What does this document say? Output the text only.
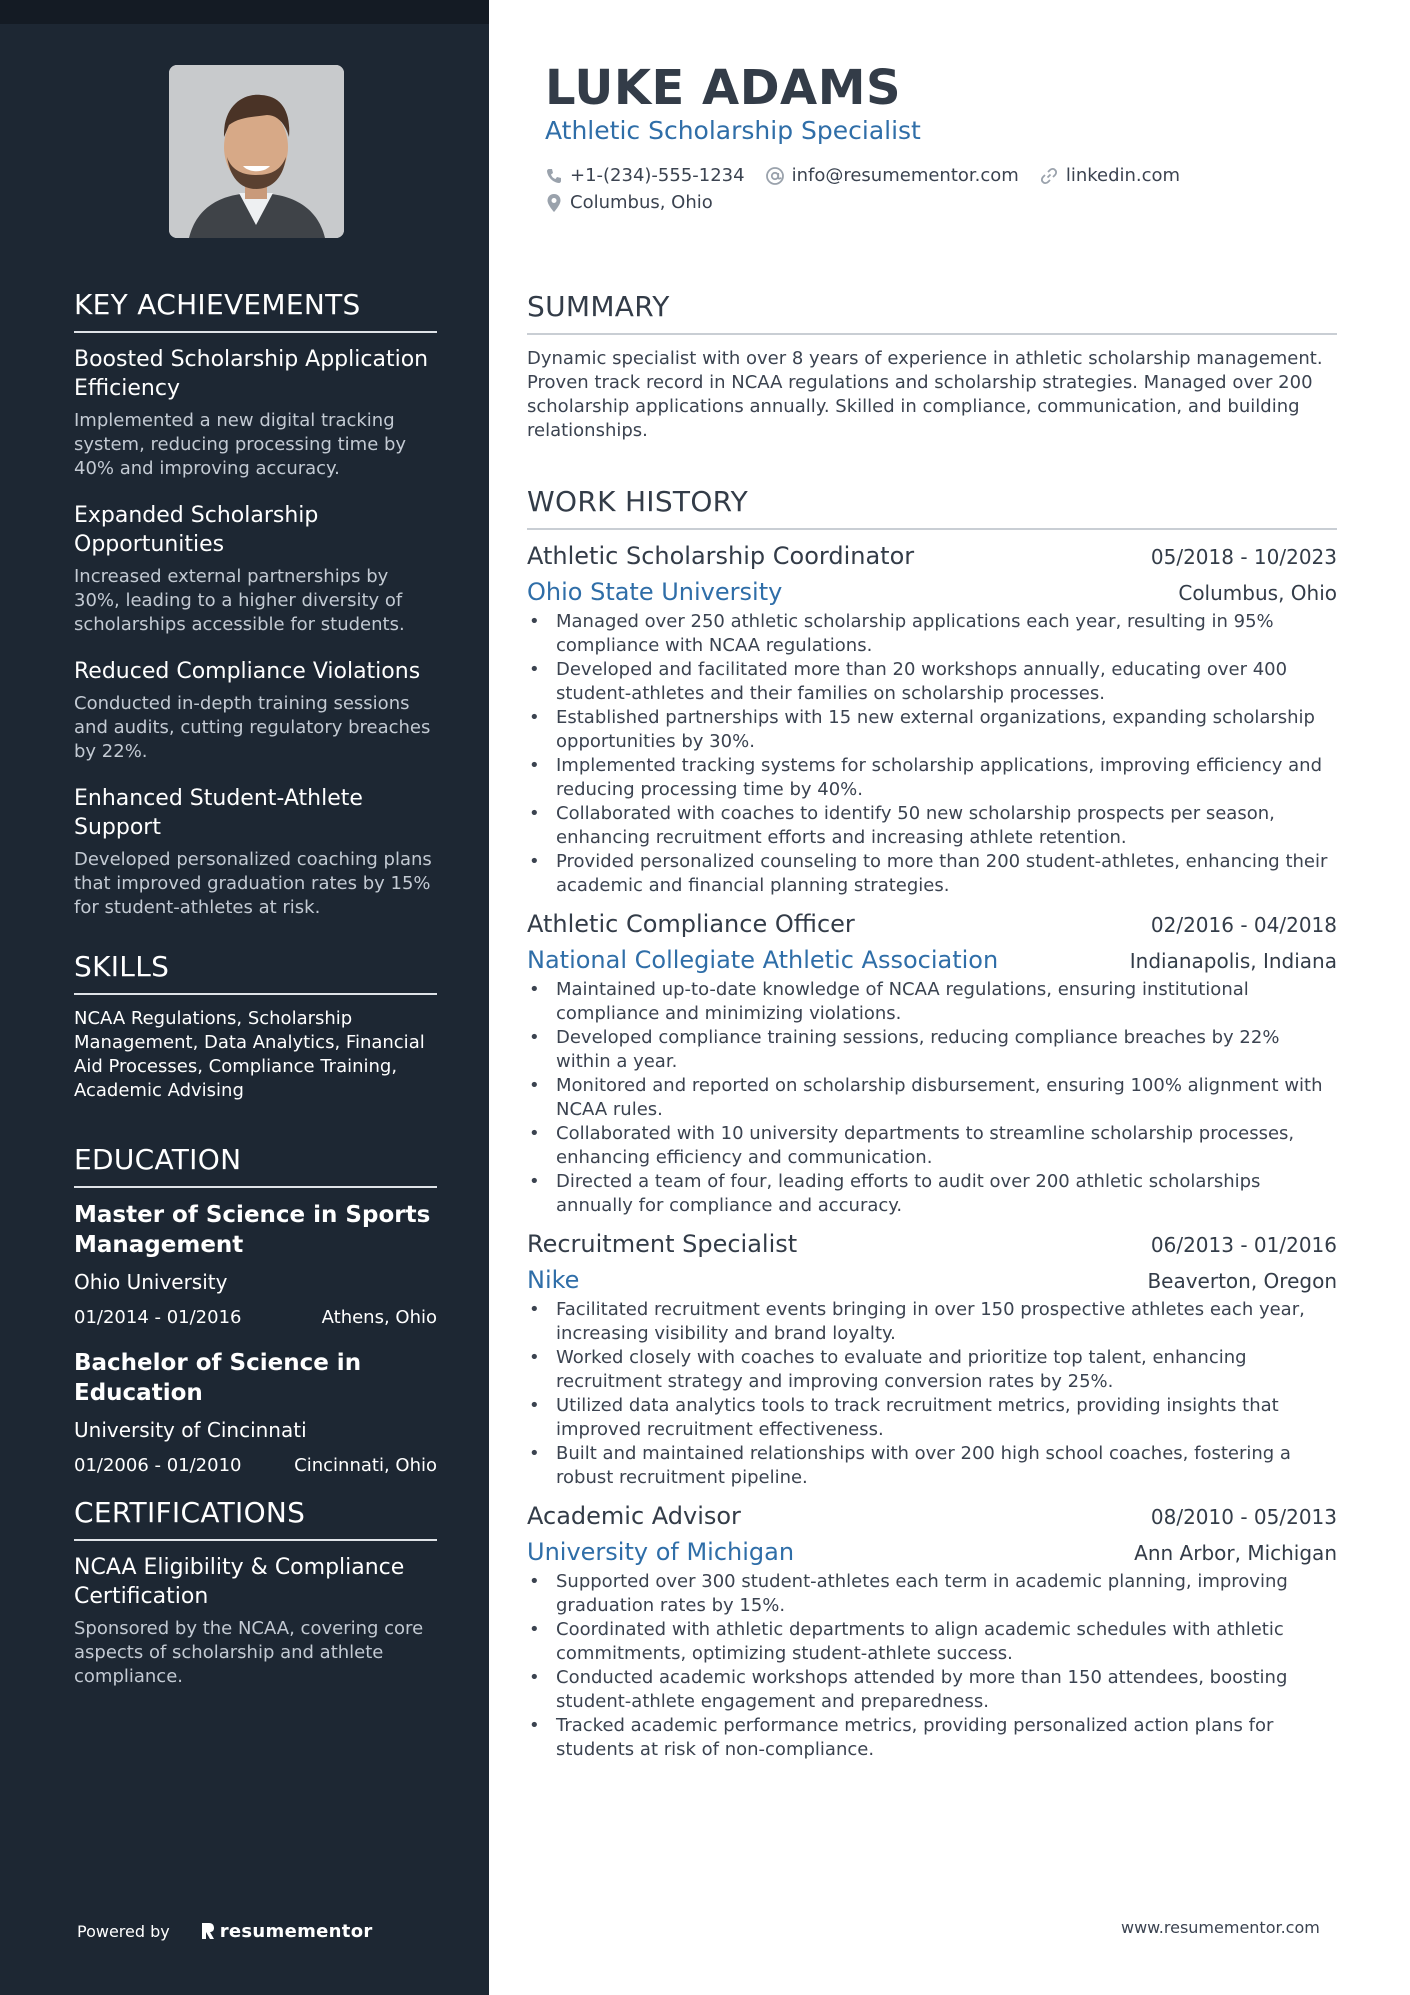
KEY ACHIEVEMENTS
Boosted Scholarship Application Efficiency
Implemented a new digital tracking system, reducing processing time by 40% and improving accuracy.
Expanded Scholarship Opportunities
Increased external partnerships by 30%, leading to a higher diversity of scholarships accessible for students.
Reduced Compliance Violations
Conducted in-depth training sessions and audits, cutting regulatory breaches by 22%.
Enhanced Student-Athlete Support
Developed personalized coaching plans that improved graduation rates by 15% for student-athletes at risk.
SKILLS
NCAA Regulations, Scholarship Management, Data Analytics, Financial Aid Processes, Compliance Training, Academic Advising
EDUCATION
Master of Science in Sports Management
Ohio University
01/2014 - 01/2016	Athens, Ohio
Bachelor of Science in Education
University of Cincinnati
01/2006 - 01/2010	Cincinnati, Ohio
CERTIFICATIONS
NCAA Eligibility & Compliance Certification
Sponsored by the NCAA, covering core aspects of scholarship and athlete compliance.
Powered by	resumementor
LUKE ADAMS
Athletic Scholarship Specialist
+1-(234)-555-1234	info@resumementor.com	linkedin.com
Columbus, Ohio
SUMMARY

Dynamic specialist with over 8 years of experience in athletic scholarship management. Proven track record in NCAA regulations and scholarship strategies. Managed over 200 scholarship applications annually. Skilled in compliance, communication, and building relationships.

WORK HISTORY
Athletic Scholarship Coordinator	05/2018 - 10/2023
Ohio State University	Columbus, Ohio
• Managed over 250 athletic scholarship applications each year, resulting in 95% compliance with NCAA regulations.
• Developed and facilitated more than 20 workshops annually, educating over 400 student-athletes and their families on scholarship processes.
• Established partnerships with 15 new external organizations, expanding scholarship opportunities by 30%.
• Implemented tracking systems for scholarship applications, improving efficiency and reducing processing time by 40%.
• Collaborated with coaches to identify 50 new scholarship prospects per season, enhancing recruitment efforts and increasing athlete retention.
• Provided personalized counseling to more than 200 student-athletes, enhancing their academic and financial planning strategies.
Athletic Compliance Officer	02/2016 - 04/2018
National Collegiate Athletic Association	Indianapolis, Indiana
• Maintained up-to-date knowledge of NCAA regulations, ensuring institutional compliance and minimizing violations.
• Developed compliance training sessions, reducing compliance breaches by 22% within a year.
• Monitored and reported on scholarship disbursement, ensuring 100% alignment with NCAA rules.
• Collaborated with 10 university departments to streamline scholarship processes, enhancing efficiency and communication.
• Directed a team of four, leading efforts to audit over 200 athletic scholarships annually for compliance and accuracy.
Recruitment Specialist	06/2013 - 01/2016
Nike	Beaverton, Oregon
• Facilitated recruitment events bringing in over 150 prospective athletes each year, increasing visibility and brand loyalty.
• Worked closely with coaches to evaluate and prioritize top talent, enhancing recruitment strategy and improving conversion rates by 25%.
• Utilized data analytics tools to track recruitment metrics, providing insights that improved recruitment effectiveness.
• Built and maintained relationships with over 200 high school coaches, fostering a robust recruitment pipeline.
Academic Advisor	08/2010 - 05/2013
University of Michigan	Ann Arbor, Michigan
• Supported over 300 student-athletes each term in academic planning, improving graduation rates by 15%.
• Coordinated with athletic departments to align academic schedules with athletic commitments, optimizing student-athlete success.
• Conducted academic workshops attended by more than 150 attendees, boosting student-athlete engagement and preparedness.
• Tracked academic performance metrics, providing personalized action plans for students at risk of non-compliance.
www.resumementor.com
